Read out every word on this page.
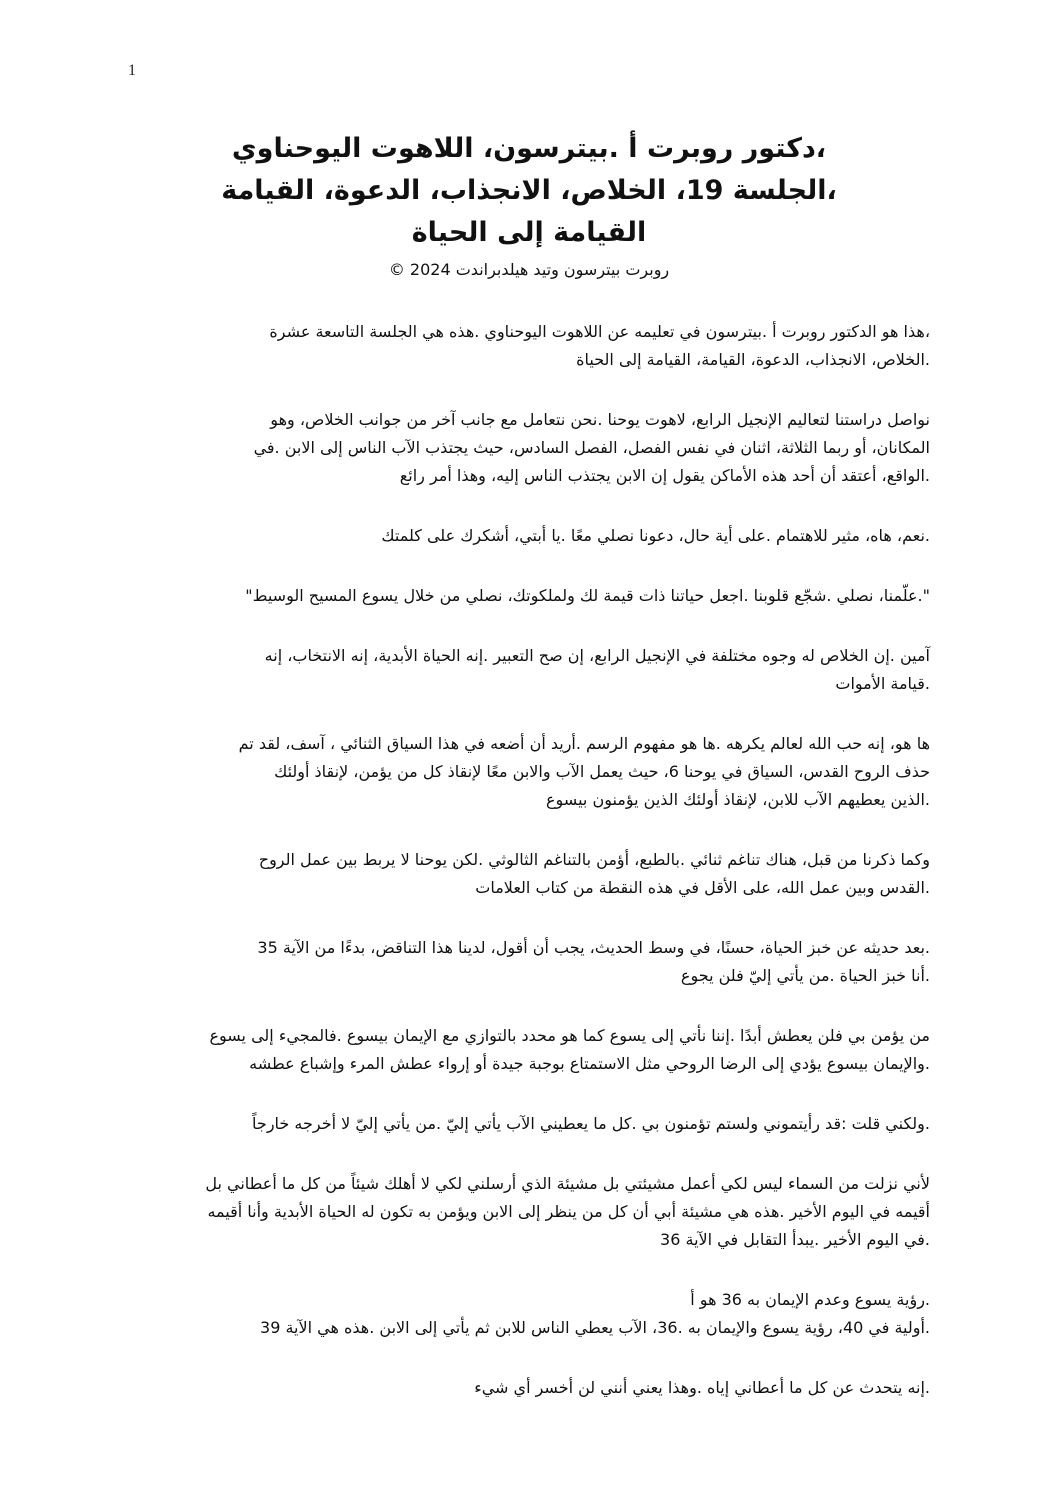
1
،دكتور روبرت أ .بيترسون، اللاهوت اليوحناوي
،الجلسة 19، الخلاص، الانجذاب، الدعوة، القيامة
القيامة إلى الحياة
روبرت بيترسون وتيد هيلدبراندت 2024 ©
،هذا هو الدكتور روبرت أ .بيترسون في تعليمه عن اللاهوت اليوحناوي .هذه هي الجلسة التاسعة عشرة
.الخلاص، الانجذاب، الدعوة، القيامة، القيامة إلى الحياة
نواصل دراستنا لتعاليم الإنجيل الرابع، لاهوت يوحنا .نحن نتعامل مع جانب آخر من جوانب الخلاص، وهو
المكانان، أو ربما الثلاثة، اثنان في نفس الفصل، الفصل السادس، حيث يجتذب الآب الناس إلى الابن .في
.الواقع، أعتقد أن أحد هذه الأماكن يقول إن الابن يجتذب الناس إليه، وهذا أمر رائع
.نعم، هاه، مثير للاهتمام .على أية حال، دعونا نصلي معًا .يا أبتي، أشكرك على كلمتك
".علّمنا، نصلي .شجّع قلوبنا .اجعل حياتنا ذات قيمة لك ولملكوتك، نصلي من خلال يسوع المسيح الوسيط"
آمين .إن الخلاص له وجوه مختلفة في الإنجيل الرابع، إن صح التعبير .إنه الحياة الأبدية، إنه الانتخاب، إنه
.قيامة الأموات
ها هو، إنه حب الله لعالم يكرهه .ها هو مفهوم الرسم .أريد أن أضعه في هذا السياق الثنائي ، آسف، لقد تم
حذف الروح القدس، السياق في يوحنا 6، حيث يعمل الآب والابن معًا لإنقاذ كل من يؤمن، لإنقاذ أولئك
.الذين يعطيهم الآب للابن، لإنقاذ أولئك الذين يؤمنون بيسوع
وكما ذكرنا من قبل، هناك تناغم ثنائي .بالطبع، أؤمن بالتناغم الثالوثي .لكن يوحنا لا يربط بين عمل الروح
.القدس وبين عمل الله، على الأقل في هذه النقطة من كتاب العلامات
.بعد حديثه عن خبز الحياة، حسنًا، في وسط الحديث، يجب أن أقول، لدينا هذا التناقض، بدءًا من الآية 35
.أنا خبز الحياة .من يأتي إليّ فلن يجوع
من يؤمن بي فلن يعطش أبدًا .إننا نأتي إلى يسوع كما هو محدد بالتوازي مع الإيمان بيسوع .فالمجيء إلى يسوع
.والإيمان بيسوع يؤدي إلى الرضا الروحي مثل الاستمتاع بوجبة جيدة أو إرواء عطش المرء وإشباع عطشه
.ولكني قلت :قد رأيتموني ولستم تؤمنون بي .كل ما يعطيني الآب يأتي إليّ .من يأتي إليّ لا أخرجه خارجاً
لأني نزلت من السماء ليس لكي أعمل مشيئتي بل مشيئة الذي أرسلني لكي لا أهلك شيئاً من كل ما أعطاني بل
أقيمه في اليوم الأخير .هذه هي مشيئة أبي أن كل من ينظر إلى الابن ويؤمن به تكون له الحياة الأبدية وأنا أقيمه
.في اليوم الأخير .يبدأ التقابل في الآية 36
.رؤية يسوع وعدم الإيمان به 36 هو أ
.أولية في 40، رؤية يسوع والإيمان به .36، الآب يعطي الناس للابن ثم يأتي إلى الابن .هذه هي الآية 39
.إنه يتحدث عن كل ما أعطاني إياه .وهذا يعني أنني لن أخسر أي شيء
